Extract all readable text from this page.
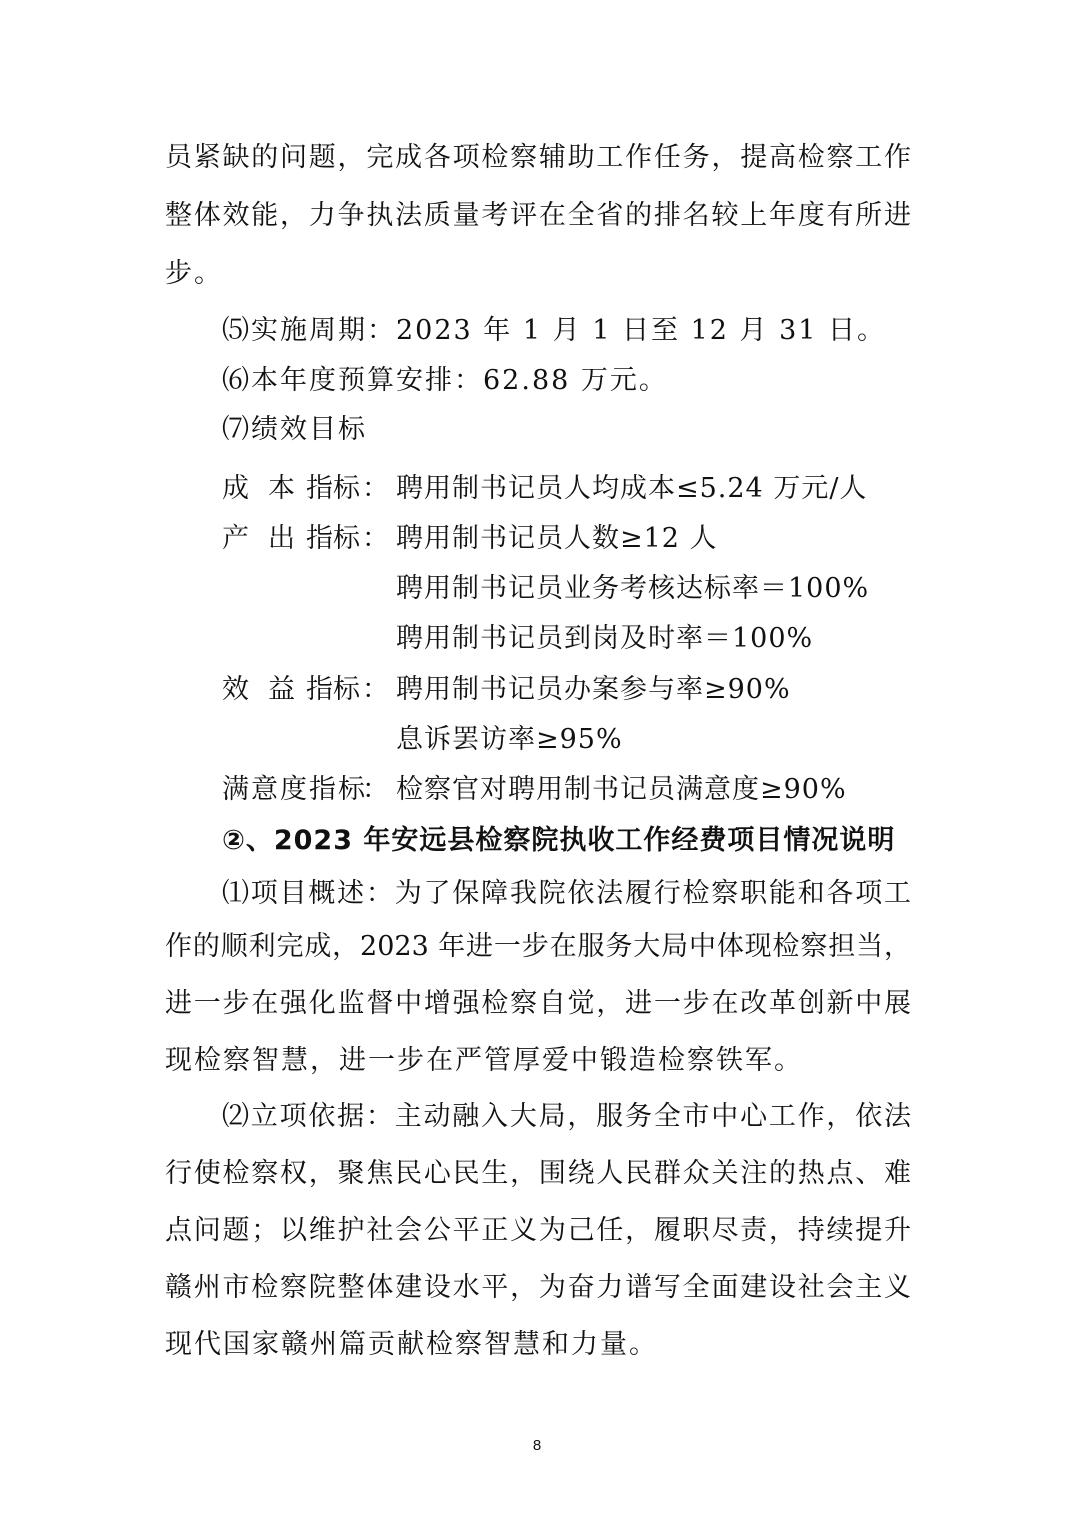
员紧缺的问题，完成各项检察辅助工作任务，提高检察工作
整体效能，力争执法质量考评在全省的排名较上年度有所进
步。
⑸实施周期：2023 年 1 月 1 日至 12 月 31 日。
⑹本年度预算安排：62.88 万元。
⑺绩效目标
成本
指标 ： 聘用制书记员人均成本≤5.24 万元/人
产出
指标 ： 聘用制书记员人数≥12 人
聘用制书记员业务考核达标率＝100%
聘用制书记员到岗及时率＝100%
效益
指标 ： 聘用制书记员办案参与率≥90%
息诉罢访率≥95%
满意度指标
： 检察官对聘用制书记员满意度≥90%
②、2023 年安远县检察院执收工作经费项目情况说明
⑴项目概述：为了保障我院依法履行检察职能和各项工
作的顺利完成，2023 年进一步在服务大局中体现检察担当，
进一步在强化监督中增强检察自觉，进一步在改革创新中展
现检察智慧，进一步在严管厚爱中锻造检察铁军。
⑵立项依据：主动融入大局，服务全市中心工作，依法
行使检察权，聚焦民心民生，围绕人民群众关注的热点、难
点问题；以维护社会公平正义为己任，履职尽责，持续提升
赣州市检察院整体建设水平，为奋力谱写全面建设社会主义
现代国家赣州篇贡献检察智慧和力量。
8
